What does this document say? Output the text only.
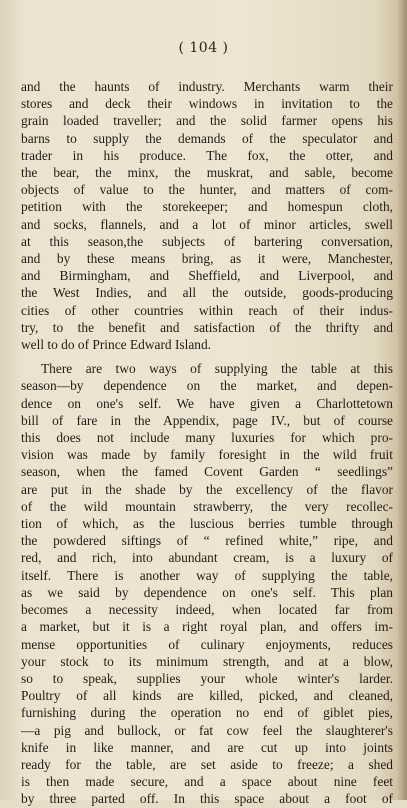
( 104 )
and the haunts of industry. Merchants warm their
stores and deck their windows in invitation to the
grain loaded traveller; and the solid farmer opens his
barns to supply the demands of the speculator and
trader in his produce. The fox, the otter, and
the bear, the minx, the muskrat, and sable, become
objects of value to the hunter, and matters of com-
petition with the storekeeper; and homespun cloth,
and socks, flannels, and a lot of minor articles, swell
at this season,the subjects of bartering conversation,
and by these means bring, as it were, Manchester,
and Birmingham, and Sheffield, and Liverpool, and
the West Indies, and all the outside, goods-producing
cities of other countries within reach of their indus-
try, to the benefit and satisfaction of the thrifty and
well to do of Prince Edward Island.
There are two ways of supplying the table at this
season—by dependence on the market, and depen-
dence on one's self. We have given a Charlottetown
bill of fare in the Appendix, page IV., but of course
this does not include many luxuries for which pro-
vision was made by family foresight in the wild fruit
season, when the famed Covent Garden “ seedlings”
are put in the shade by the excellency of the flavor
of the wild mountain strawberry, the very recollec-
tion of which, as the luscious berries tumble through
the powdered siftings of “ refined white,” ripe, and
red, and rich, into abundant cream, is a luxury of
itself. There is another way of supplying the table,
as we said by dependence on one's self. This plan
becomes a necessity indeed, when located far from
a market, but it is a right royal plan, and offers im-
mense opportunities of culinary enjoyments, reduces
your stock to its minimum strength, and at a blow,
so to speak, supplies your whole winter's larder.
Poultry of all kinds are killed, picked, and cleaned,
furnishing during the operation no end of giblet pies,
—a pig and bullock, or fat cow feel the slaughterer's
knife in like manner, and are cut up into joints
ready for the table, are set aside to freeze; a shed
is then made secure, and a space about nine feet
by three parted off. In this space about a foot of
